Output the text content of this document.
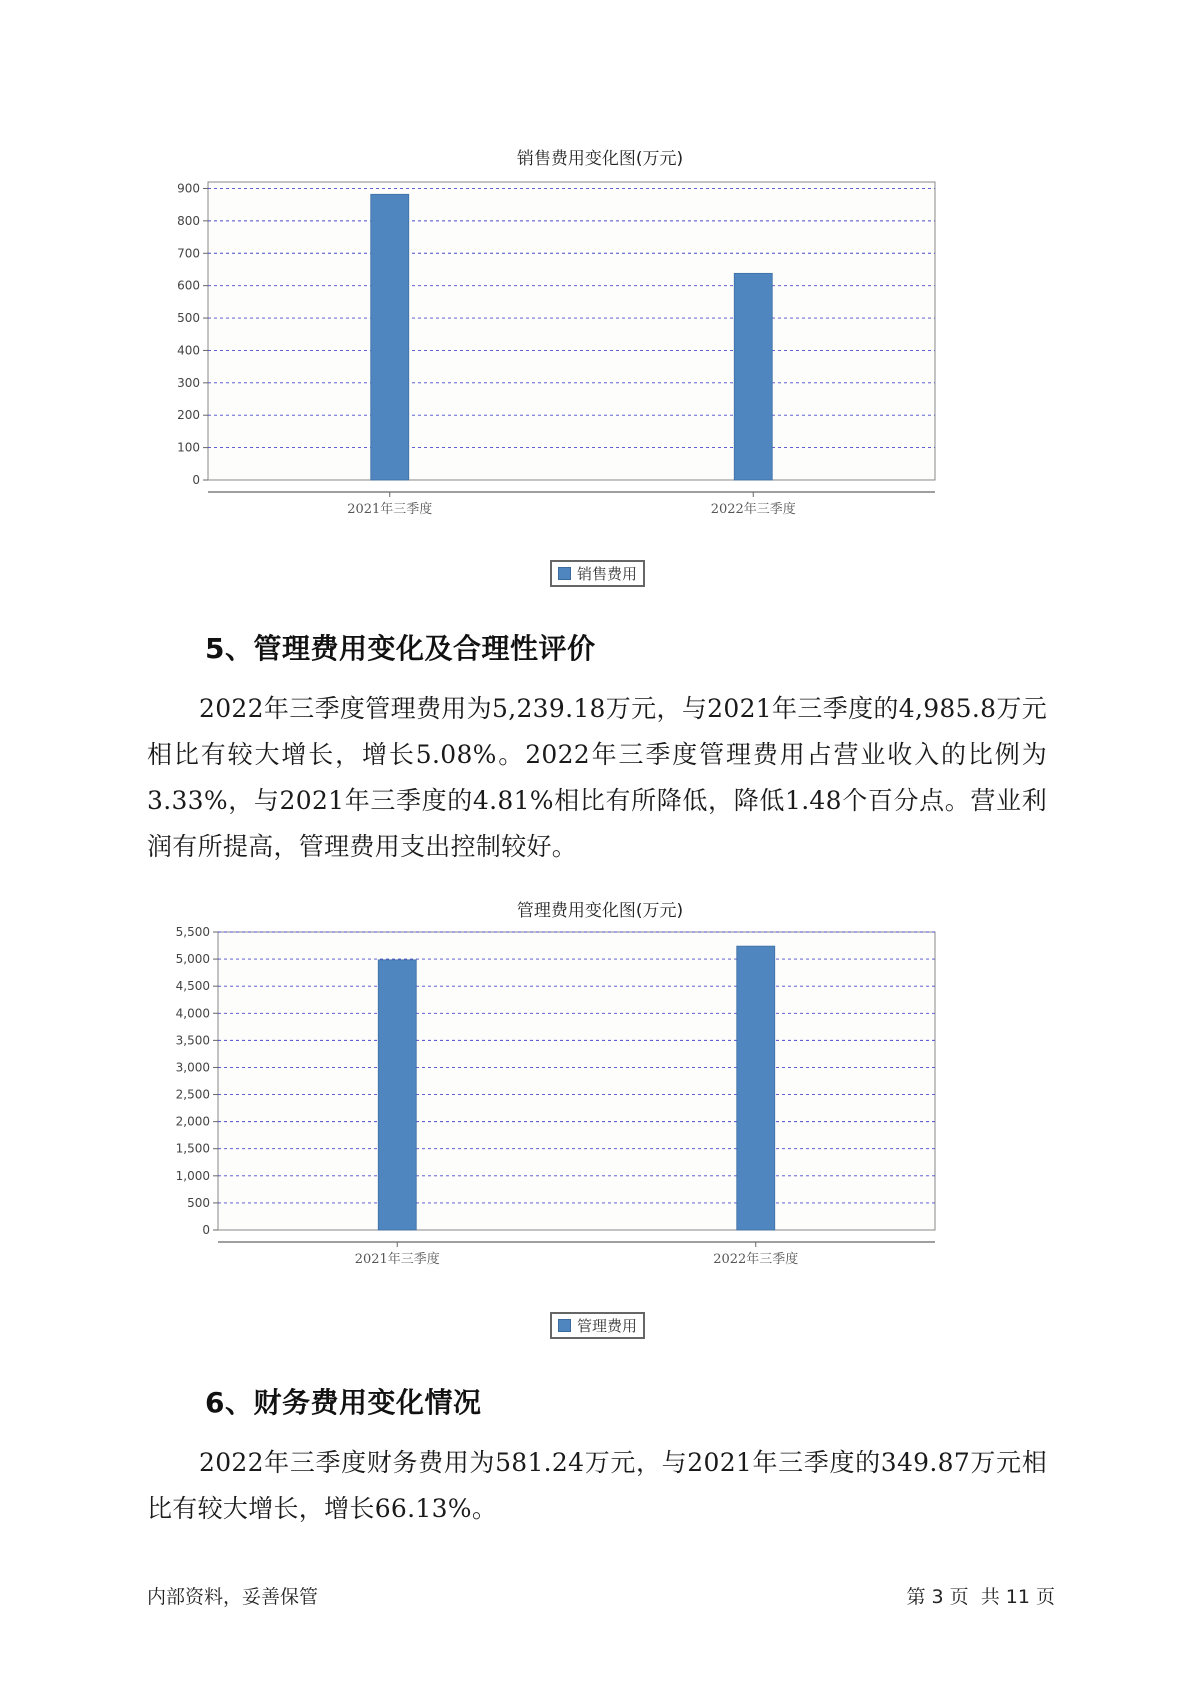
销售费用变化图(万元)
0
100
200
300
400
500
600
700
800
900
2021年三季度	2022年三季度
销售费用
5、管理费用变化及合理性评价

2022年三季度管理费用为5,239.18万元，与2021年三季度的4,985.8万元相比有较大增长，增长5.08%。2022年三季度管理费用占营业收入的比例为3.33%，与2021年三季度的4.81%相比有所降低，降低1.48个百分点。营业利润有所提高，管理费用支出控制较好。

管理费用变化图(万元)
0
500
1,000
1,500
2,000
2,500
3,000
3,500
4,000
4,500
5,000
5,500
2021年三季度	2022年三季度
管理费用
6、财务费用变化情况

2022年三季度财务费用为581.24万元，与2021年三季度的349.87万元相比有较大增长，增长66.13%。

内部资料，妥善保管	第 3 页  共 11 页
